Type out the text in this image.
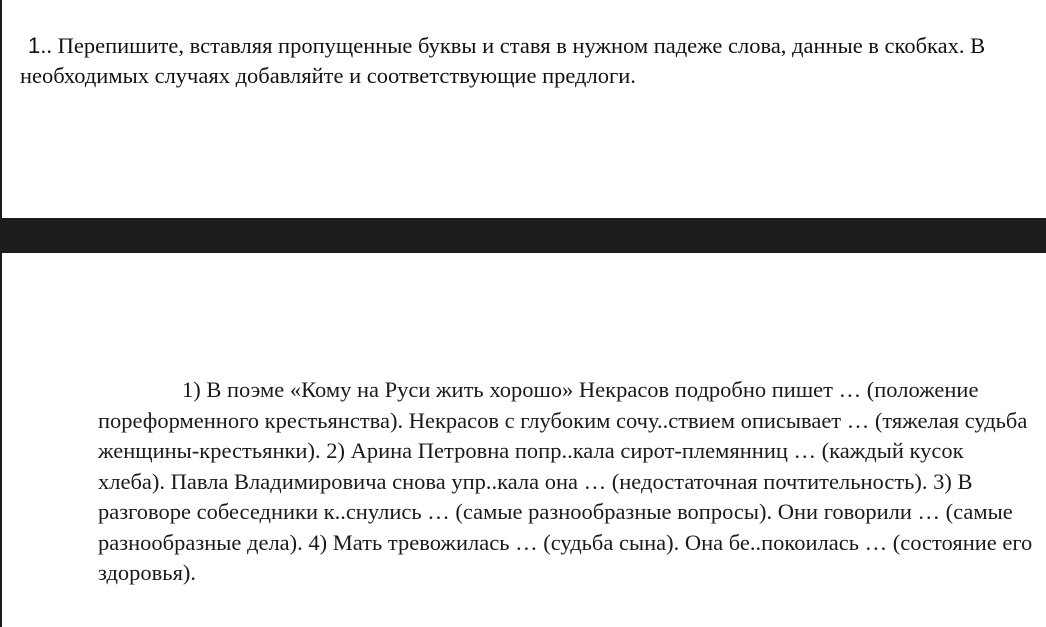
1.. Перепишите, вставляя пропущенные буквы и ставя в нужном падеже слова, данные в скобках. В необходимых случаях добавляйте и соответствующие предлоги.

1) В поэме «Кому на Руси жить хорошо» Некрасов подробно пишет … (положение пореформенного крестьянства). Некрасов с глубоким сочу..ствием описывает … (тяжелая судьба женщины-крестьянки). 2) Арина Петровна попр..кала сирот-племянниц … (каждый кусок хлеба). Павла Владимировича снова упр..кала она … (недостаточная почтительность). 3) В разговоре собеседники к..снулись … (самые разнообразные вопросы). Они говорили … (самые разнообразные дела). 4) Мать тревожилась … (судьба сына). Она бе..покоилась … (состояние его здоровья).
